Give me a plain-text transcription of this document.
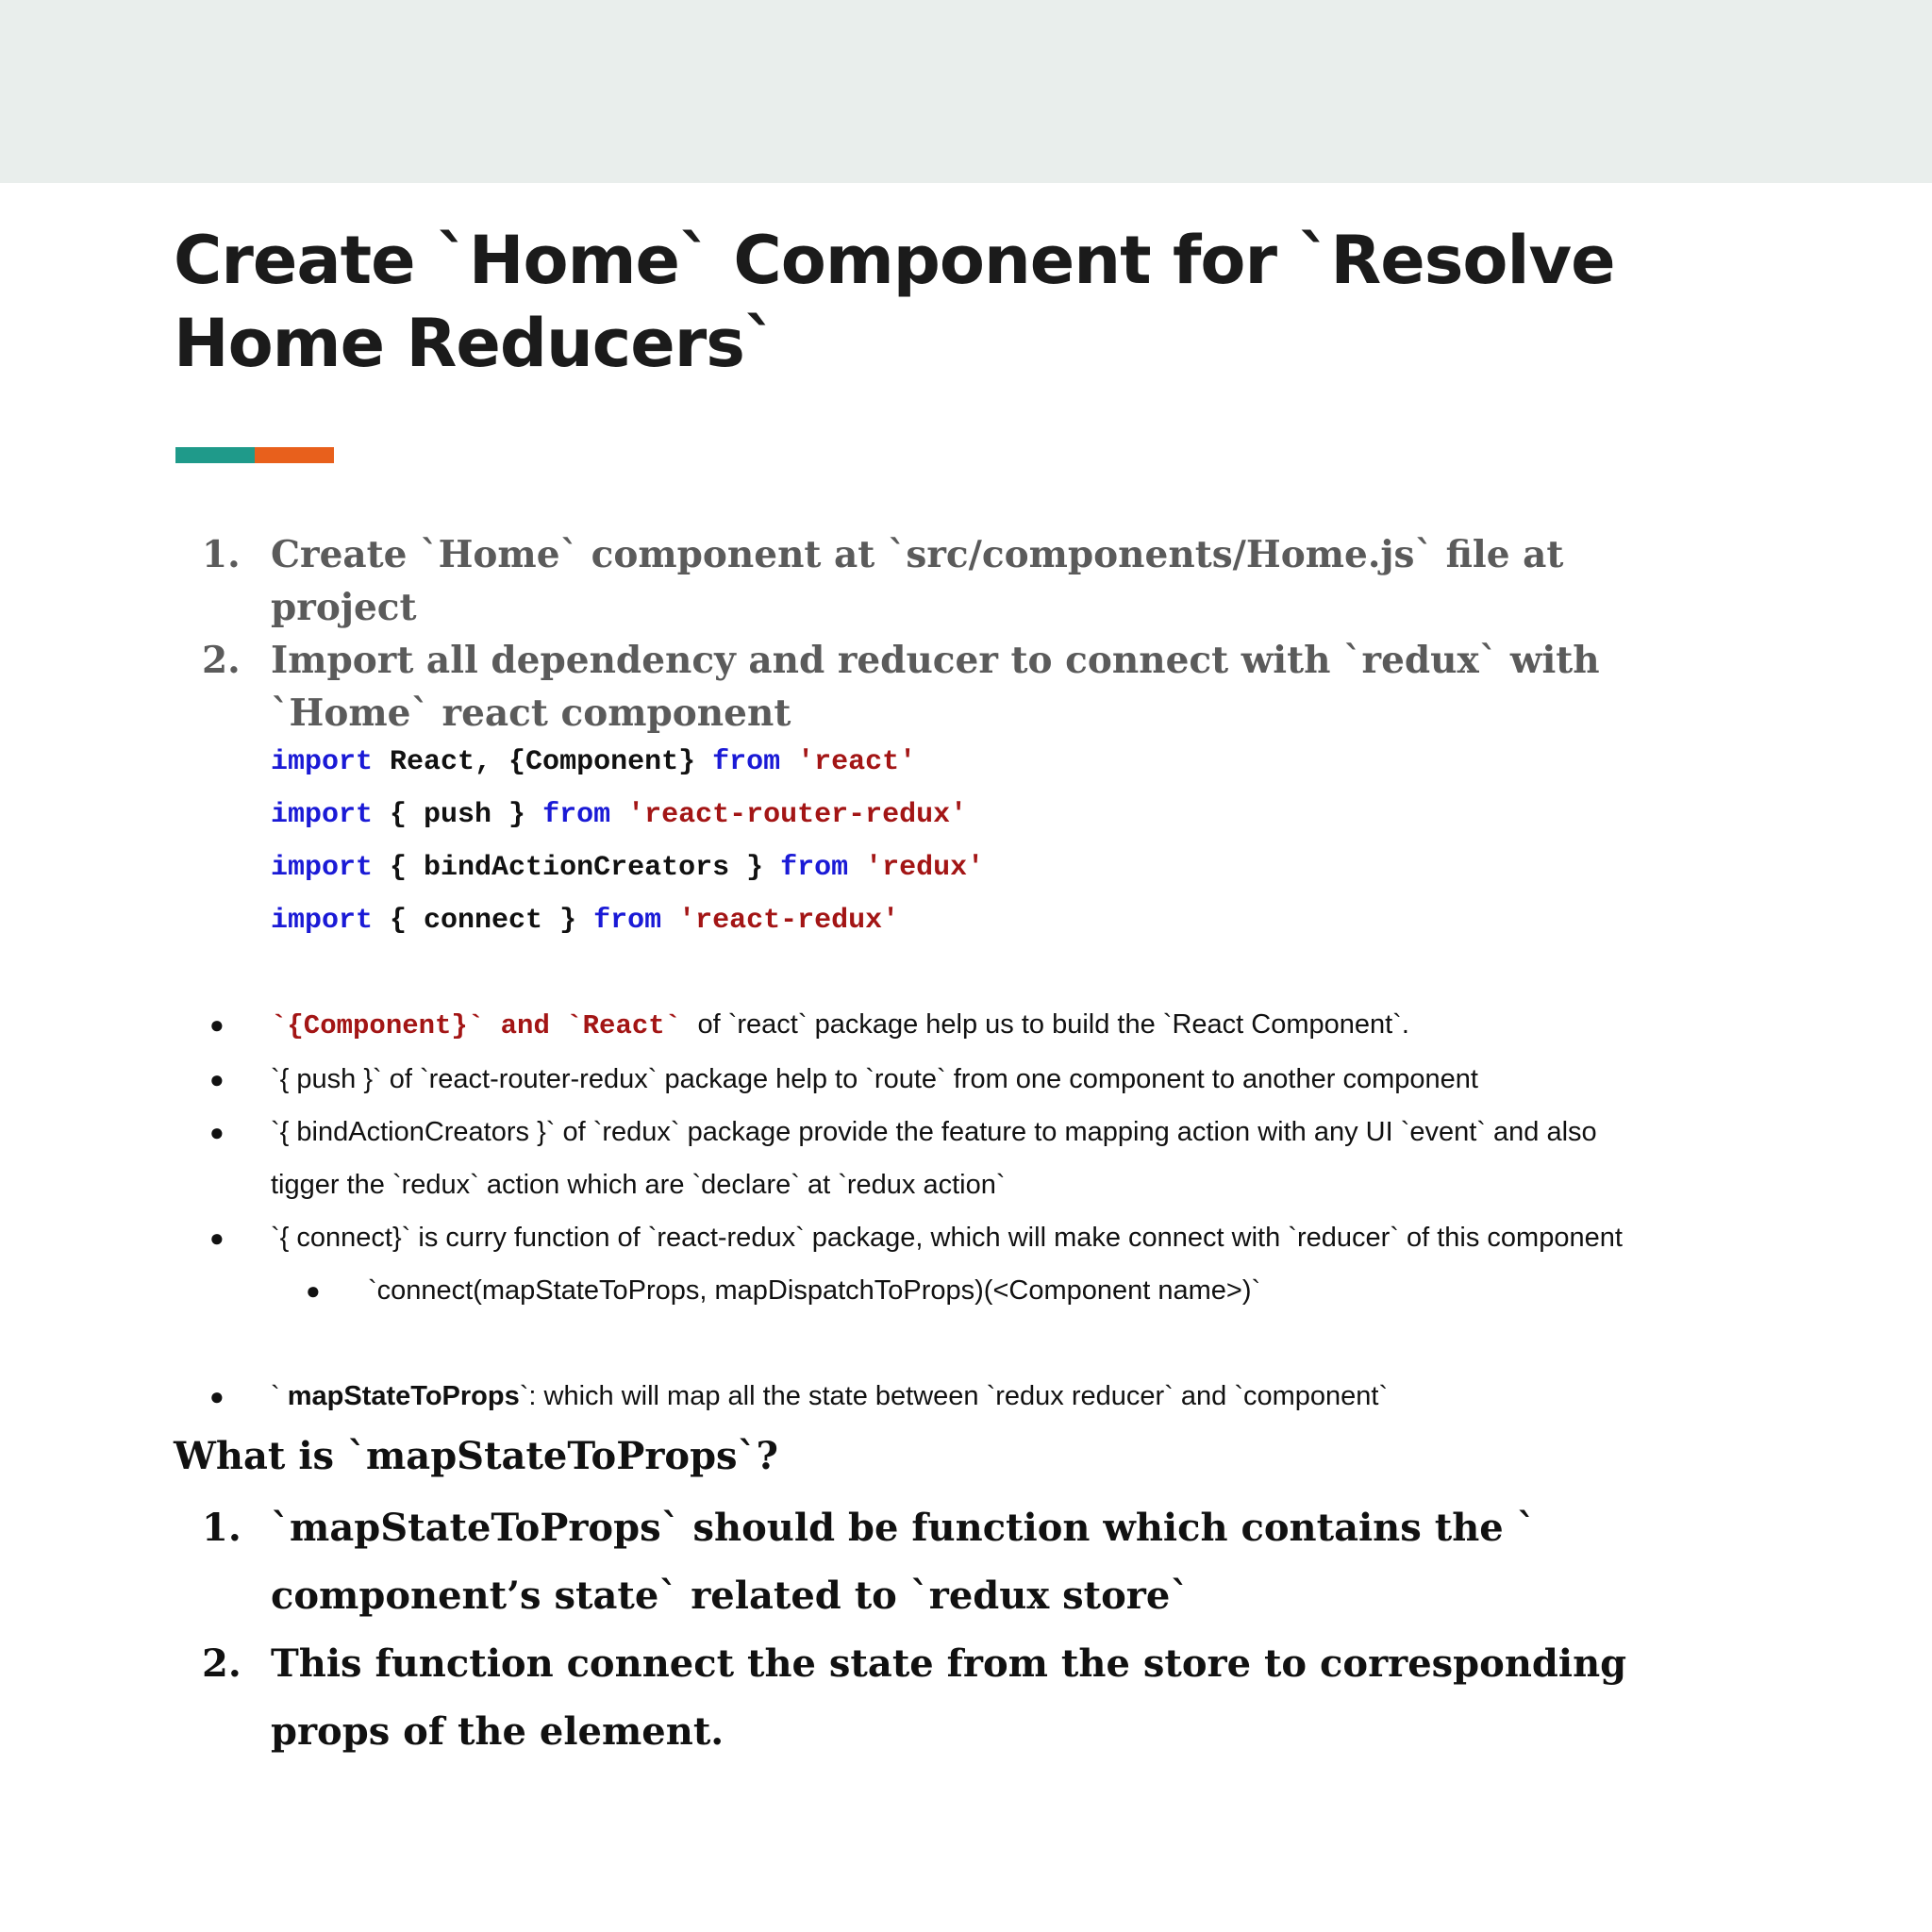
Create `Home` Component for `Resolve Home Reducers`
1. Create `Home` component at `src/components/Home.js` file at project
2. Import all dependency and reducer to connect with `redux` with `Home` react component
import React, {Component} from 'react'
import { push } from 'react-router-redux'
import { bindActionCreators } from 'redux'
import { connect } from 'react-redux'
● `{Component}` and `React` of `react` package help us to build the `React Component`.
● `{ push }` of `react-router-redux` package help to `route` from one component to another component
● `{ bindActionCreators }` of `redux` package provide the feature to mapping action with any UI `event` and also
tigger the `redux` action which are `declare` at `redux action`
● `{ connect}` is curry function of `react-redux` package, which will make connect with `reducer` of this component
● `connect(mapStateToProps, mapDispatchToProps)(<Component name>)`
● ` mapStateToProps`: which will map all the state between `redux reducer` and `component`
What is `mapStateToProps`?
1. `mapStateToProps` should be function which contains the ` component’s state` related to `redux store`
2. This function connect the state from the store to corresponding props of the element.
